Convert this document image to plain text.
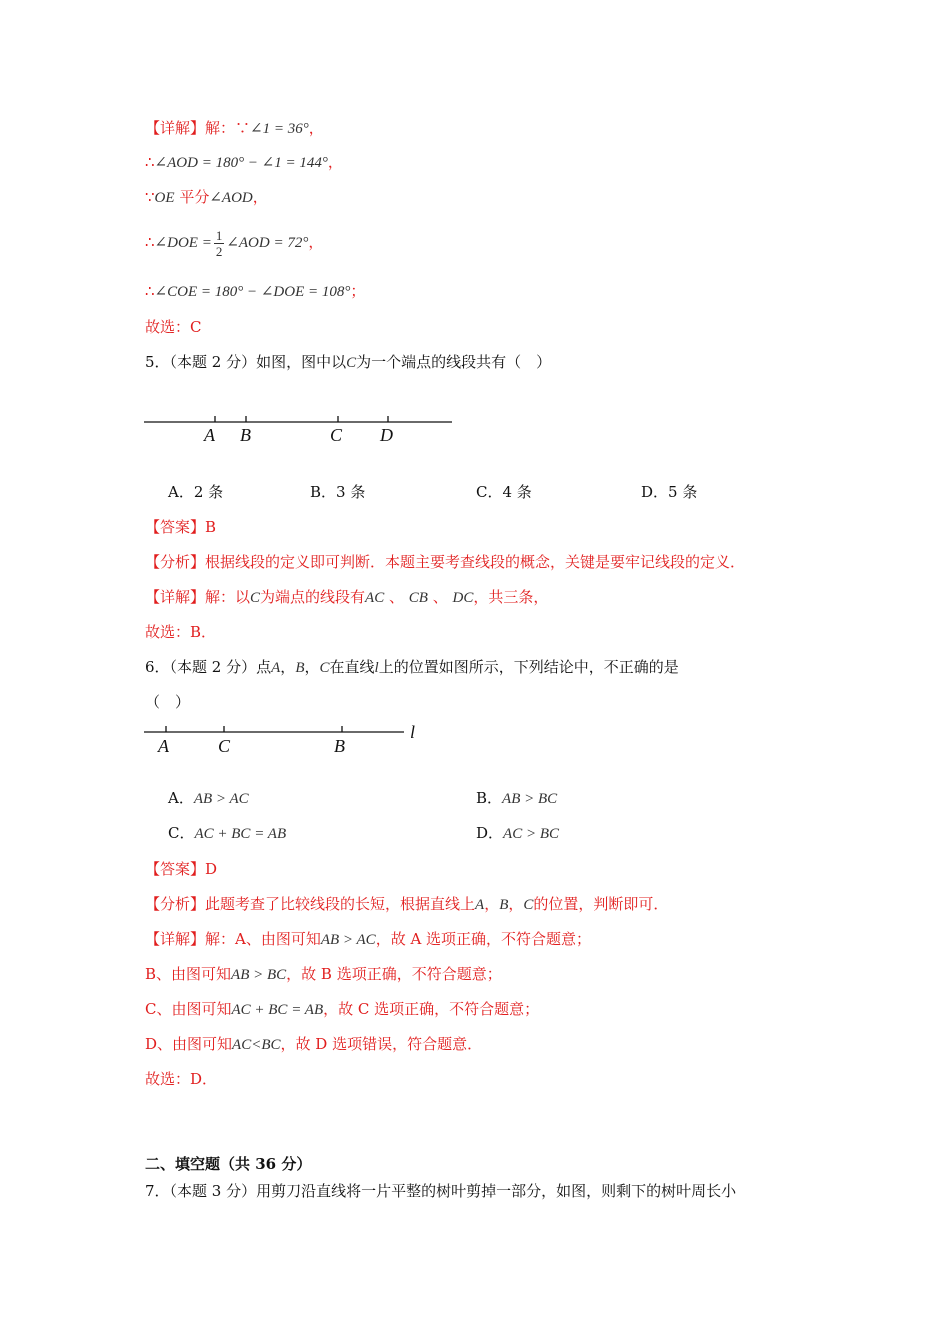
【详解】解：∵∠1 = 36°，
∴∠AOD = 180° − ∠1 = 144°，
∵OE 平分∠AOD，
∴∠DOE = $\frac{1}{2}$ ∠AOD = 72°，
∴∠COE = 180° − ∠DOE = 108°；
故选：C
5．（本题 2 分）如图，图中以C为一个端点的线段共有（　）
A B	C D
A．2 条	B．3 条	C．4 条	D．5 条
【答案】B
【分析】根据线段的定义即可判断．本题主要考查线段的概念，关键是要牢记线段的定义．
【详解】解：以C为端点的线段有AC 、 CB 、 DC，共三条，
故选：B．
6．（本题 2 分）点A，B，C在直线l上的位置如图所示，下列结论中，不正确的是
（　）
A	C	B
l
A．AB > AC	B．AB > BC
C．AC + BC = AB	D．AC > BC
【答案】D
【分析】此题考查了比较线段的长短，根据直线上A，B，C的位置，判断即可．
【详解】解：A、由图可知AB > AC，故 A 选项正确，不符合题意；
B、由图可知AB > BC，故 B 选项正确，不符合题意；
C、由图可知AC + BC = AB，故 C 选项正确，不符合题意；
D、由图可知AC<BC，故 D 选项错误，符合题意．
故选：D．
二、填空题（共 36 分）
7．（本题 3 分）用剪刀沿直线将一片平整的树叶剪掉一部分，如图，则剩下的树叶周长小
